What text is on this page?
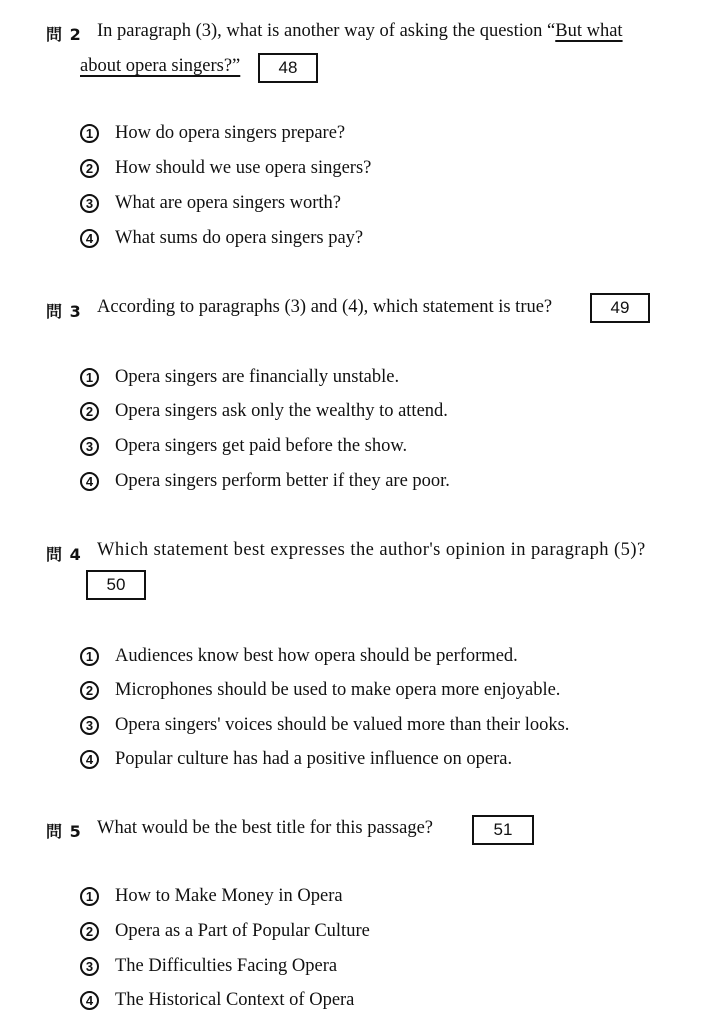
問 2 In paragraph (3), what is another way of asking the question “But what
about opera singers?”	48
1	How do opera singers prepare?
2	How should we use opera singers?
3	What are opera singers worth?
4	What sums do opera singers pay?
問 3 According to paragraphs (3) and (4), which statement is true?	49
1	Opera singers are financially unstable.
2	Opera singers ask only the wealthy to attend.
3	Opera singers get paid before the show.
4	Opera singers perform better if they are poor.
問 4 Which statement best expresses the author's opinion in paragraph (5)?
50
1	Audiences know best how opera should be performed.
2	Microphones should be used to make opera more enjoyable.
3	Opera singers' voices should be valued more than their looks.
4	Popular culture has had a positive influence on opera.
問 5 What would be the best title for this passage?	51
1	How to Make Money in Opera
2	Opera as a Part of Popular Culture
3	The Difficulties Facing Opera
4	The Historical Context of Opera
